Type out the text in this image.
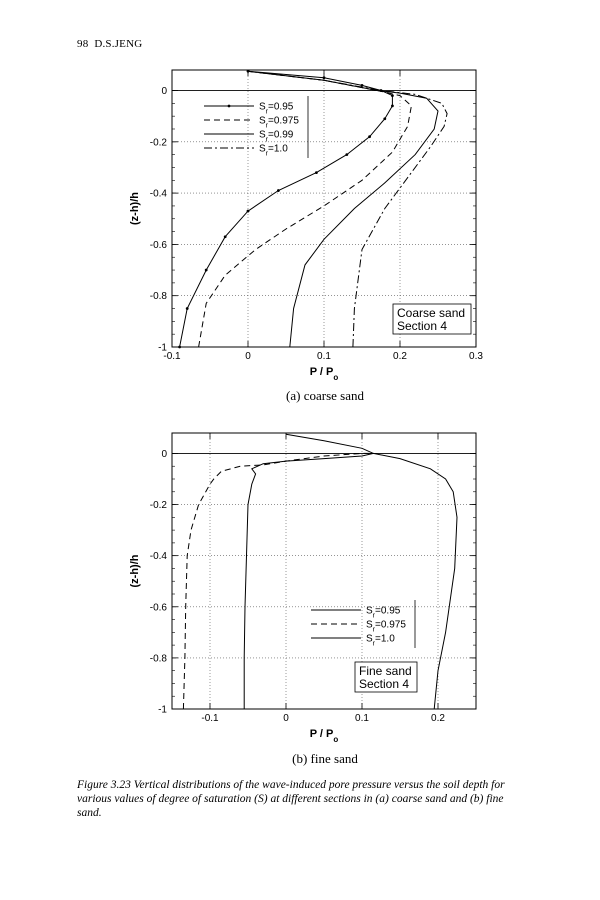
98 D.S.JENG
-0.1	0	0.1	0.2	0.3
0
-0.2
-0.4
-0.6
-0.8
-1
P / $P_o$
(z-h)/h
$S_r=0.95$
$S_r=0.975$
$S_r=0.99$
$S_r=1.0$
Coarse sand
Section 4
(a) coarse sand
-0.1	0	0.1	0.2
0
-0.2
-0.4
-0.6
-0.8
-1
P / $P_o$
(z-h)/h
$S_r=0.95$
$S_r=0.975$
$S_r=1.0$
Fine sand
Section 4
(b) fine sand
Figure 3.23 Vertical distributions of the wave-induced pore pressure versus the soil depth for various values of degree of saturation (S) at different sections in (a) coarse sand and (b) fine sand.
